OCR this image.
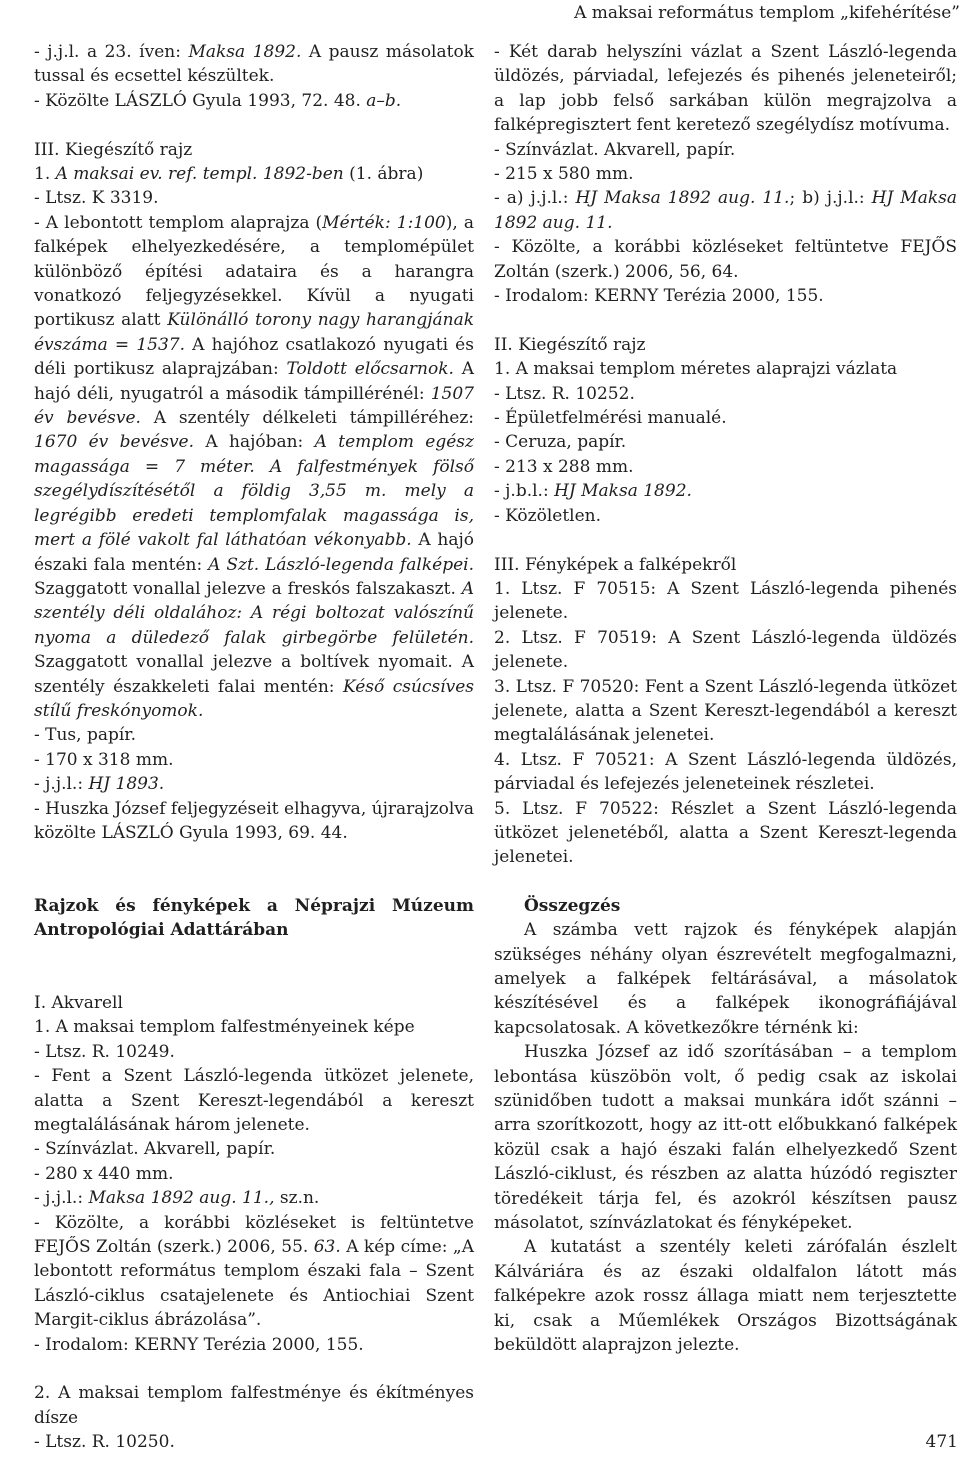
A maksai református templom „kifehérítése”

- j.j.l. a 23. íven: Maksa 1892. A pausz másolatok tussal és ecsettel készültek.

- Közölte LÁSZLÓ Gyula 1993, 72. 48. a–b.

III. Kiegészítő rajz

1. A maksai ev. ref. templ. 1892-ben (1. ábra)

- Ltsz. K 3319.

- A lebontott templom alaprajza (Mérték: 1:100), a falképek elhelyezkedésére, a templomépület különböző építési adataira és a harangra vonatkozó feljegyzésekkel. Kívül a nyugati portikusz alatt Különálló torony nagy harangjának évszáma = 1537. A hajóhoz csatlakozó nyugati és déli portikusz alaprajzában: Toldott előcsarnok. A hajó déli, nyugatról a második támpillérénél: 1507 év bevésve. A szentély délkeleti támpilléréhez: 1670 év bevésve. A hajóban: A templom egész magassága = 7 méter. A falfestmények fölső szegélydíszítésétől a földig 3,55 m. mely a legrégibb eredeti templomfalak magassága is, mert a fölé vakolt fal láthatóan vékonyabb. A hajó északi fala mentén: A Szt. László-legenda falképei. Szaggatott vonallal jelezve a freskós falszakaszt. A szentély déli oldalához: A régi boltozat valószínű nyoma a düledező falak girbegörbe felületén. Szaggatott vonallal jelezve a boltívek nyomait. A szentély északkeleti falai mentén: Késő csúcsíves stílű freskónyomok.

- Tus, papír.

- 170 x 318 mm.

- j.j.l.: HJ 1893.

- Huszka József feljegyzéseit elhagyva, újrarajzolva közölte LÁSZLÓ Gyula 1993, 69. 44.

Rajzok és fényképek a Néprajzi Múzeum Antropológiai Adattárában

I. Akvarell

1. A maksai templom falfestményeinek képe

- Ltsz. R. 10249.

- Fent a Szent László-legenda ütközet jelenete, alatta a Szent Kereszt-legendából a kereszt megtalálásának három jelenete.

- Színvázlat. Akvarell, papír.

- 280 x 440 mm.

- j.j.l.: Maksa 1892 aug. 11., sz.n.

- Közölte, a korábbi közléseket is feltüntetve FEJŐS Zoltán (szerk.) 2006, 55. 63. A kép címe: „A lebontott református templom északi fala – Szent László-ciklus csatajelenete és Antiochiai Szent Margit-ciklus ábrázolása”.

- Irodalom: KERNY Terézia 2000, 155.

2. A maksai templom falfestménye és ékítményes dísze

- Ltsz. R. 10250.

- Két darab helyszíni vázlat a Szent László-legenda üldözés, párviadal, lefejezés és pihenés jeleneteiről; a lap jobb felső sarkában külön megrajzolva a falképregisztert fent keretező szegélydísz motívuma.

- Színvázlat. Akvarell, papír.

- 215 x 580 mm.

- a) j.j.l.: HJ Maksa 1892 aug. 11.; b) j.j.l.: HJ Maksa 1892 aug. 11.

- Közölte, a korábbi közléseket feltüntetve FEJŐS Zoltán (szerk.) 2006, 56, 64.

- Irodalom: KERNY Terézia 2000, 155.

II. Kiegészítő rajz

1. A maksai templom méretes alaprajzi vázlata

- Ltsz. R. 10252.

- Épületfelmérési manualé.

- Ceruza, papír.

- 213 x 288 mm.

- j.b.l.: HJ Maksa 1892.

- Közöletlen.

III. Fényképek a falképekről

1. Ltsz. F 70515: A Szent László-legenda pihenés jelenete.

2. Ltsz. F 70519: A Szent László-legenda üldözés jelenete.

3. Ltsz. F 70520: Fent a Szent László-legenda ütközet jelenete, alatta a Szent Kereszt-legendából a kereszt megtalálásának jelenetei.

4. Ltsz. F 70521: A Szent László-legenda üldözés, párviadal és lefejezés jeleneteinek részletei.

5. Ltsz. F 70522: Részlet a Szent László-legenda ütközet jelenetéből, alatta a Szent Kereszt-legenda jelenetei.

Összegzés

A számba vett rajzok és fényképek alapján szükséges néhány olyan észrevételt megfogalmazni, amelyek a falképek feltárásával, a másolatok készítésével és a falképek ikonográfiájával kapcsolatosak. A következőkre térnénk ki:

Huszka József az idő szorításában – a templom lebontása küszöbön volt, ő pedig csak az iskolai szünidőben tudott a maksai munkára időt szánni – arra szorítkozott, hogy az itt-ott előbukkanó falképek közül csak a hajó északi falán elhelyezkedő Szent László-ciklust, és részben az alatta húzódó regiszter töredékeit tárja fel, és azokról készítsen pausz másolatot, színvázlatokat és fényképeket.

A kutatást a szentély keleti zárófalán észlelt Kálváriára és az északi oldalfalon látott más falképekre azok rossz állaga miatt nem terjesztette ki, csak a Műemlékek Országos Bizottságának beküldött alaprajzon jelezte.

471
